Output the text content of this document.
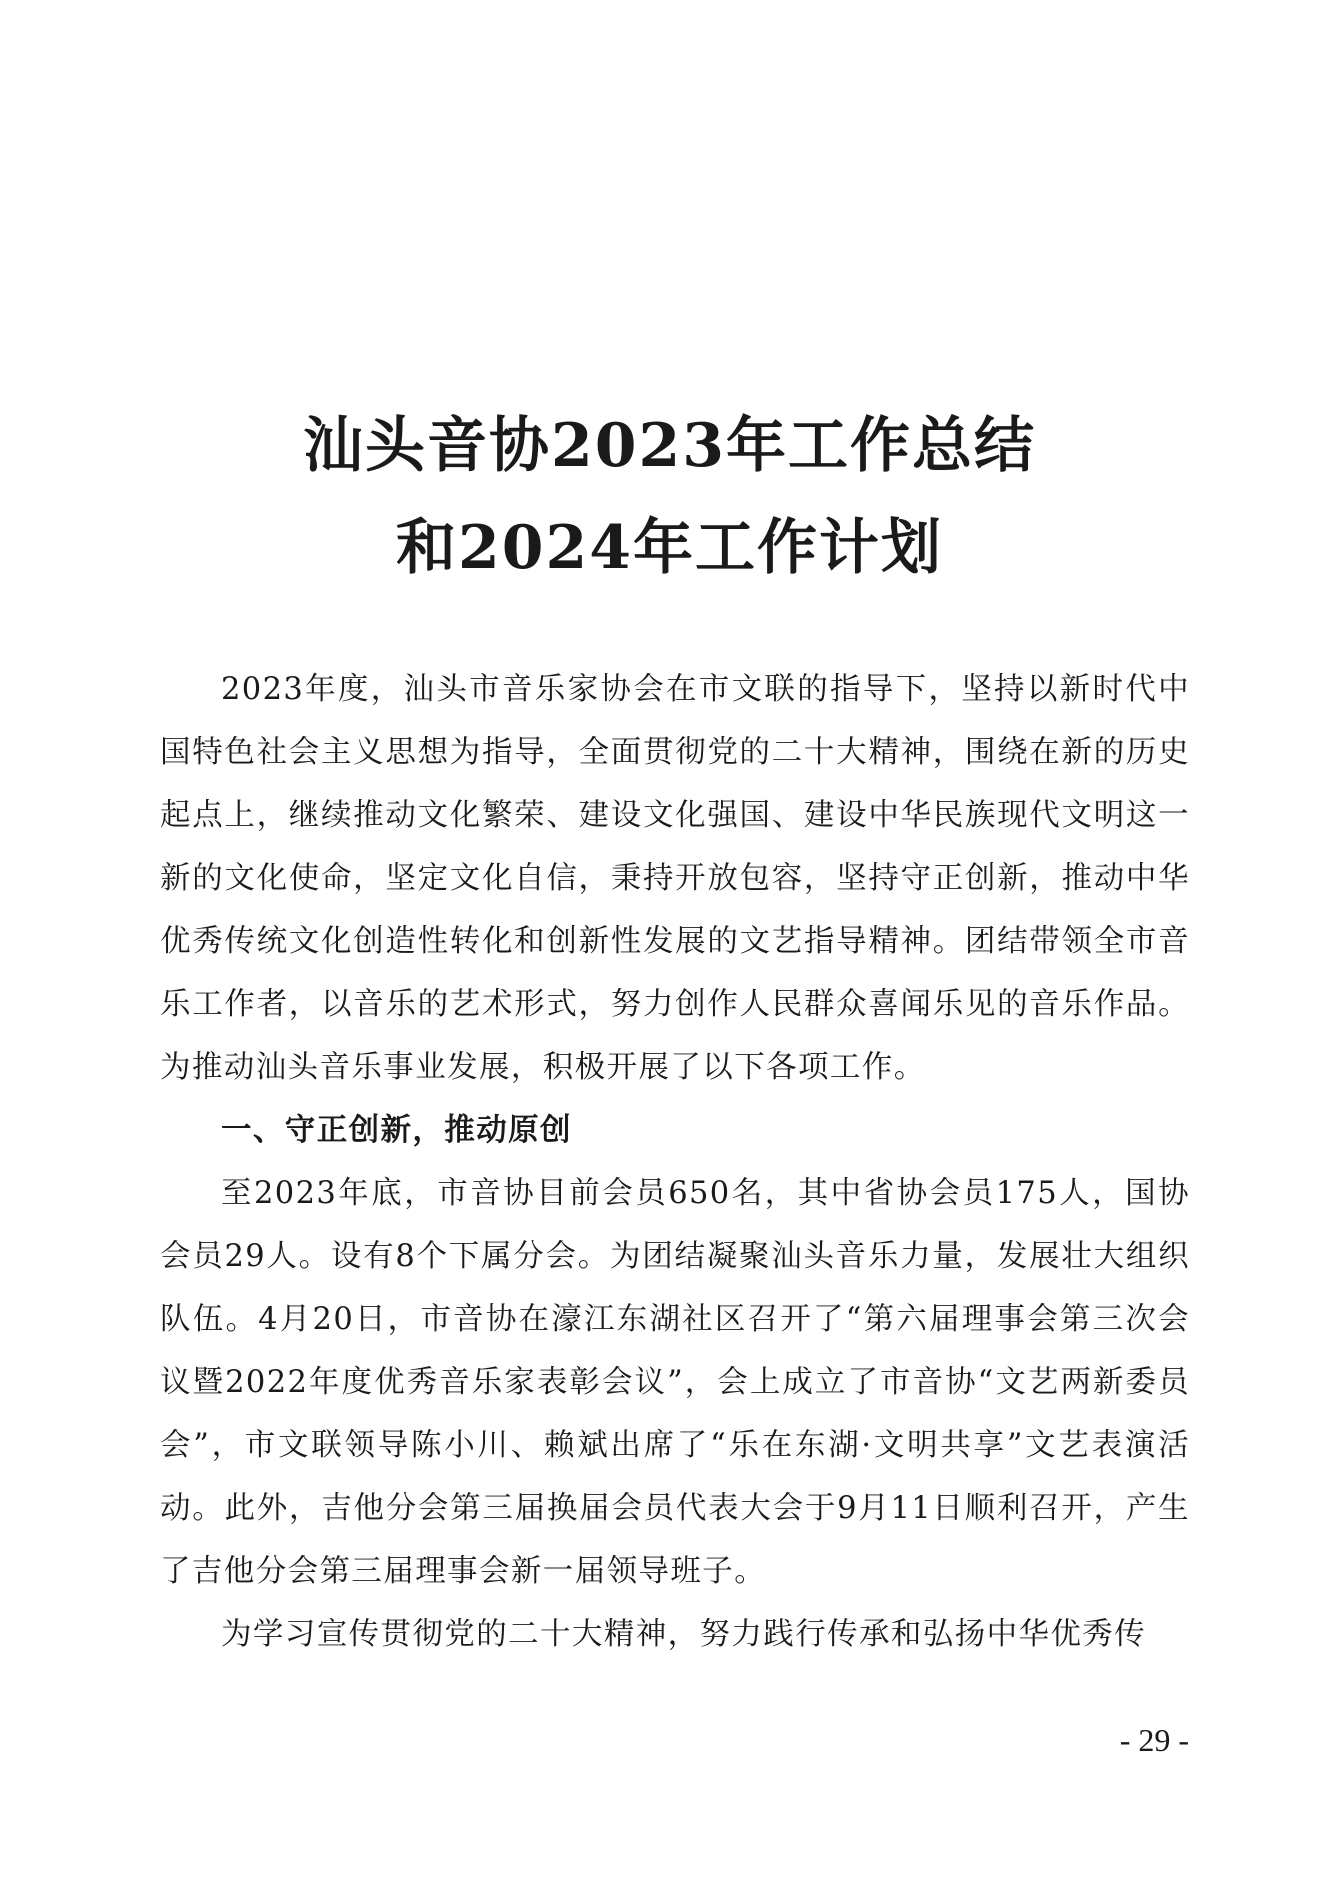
汕头音协2023年工作总结
和2024年工作计划

2023年度，汕头市音乐家协会在市文联的指导下，坚持以新时代中国特色社会主义思想为指导，全面贯彻党的二十大精神，围绕在新的历史起点上，继续推动文化繁荣、建设文化强国、建设中华民族现代文明这一新的文化使命，坚定文化自信，秉持开放包容，坚持守正创新，推动中华优秀传统文化创造性转化和创新性发展的文艺指导精神。团结带领全市音乐工作者，以音乐的艺术形式，努力创作人民群众喜闻乐见的音乐作品。为推动汕头音乐事业发展，积极开展了以下各项工作。

一、守正创新，推动原创

至2023年底，市音协目前会员650名，其中省协会员175人，国协会员29人。设有8个下属分会。为团结凝聚汕头音乐力量，发展壮大组织队伍。4月20日，市音协在濠江东湖社区召开了“第六届理事会第三次会议暨2022年度优秀音乐家表彰会议”，会上成立了市音协“文艺两新委员会”，市文联领导陈小川、赖斌出席了“乐在东湖·文明共享”文艺表演活动。此外，吉他分会第三届换届会员代表大会于9月11日顺利召开，产生了吉他分会第三届理事会新一届领导班子。

为学习宣传贯彻党的二十大精神，努力践行传承和弘扬中华优秀传

- 29 -
